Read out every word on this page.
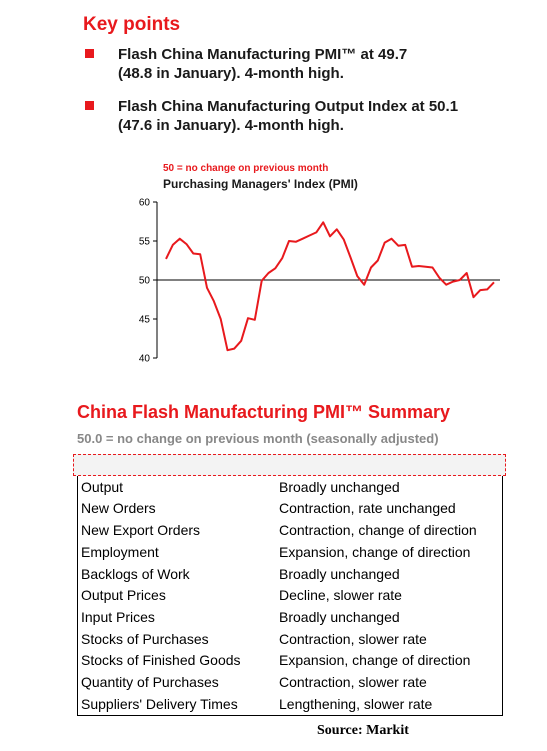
Key points
Flash China Manufacturing PMI™ at 49.7
(48.8 in January). 4-month high.
Flash China Manufacturing Output Index at 50.1
(47.6 in January). 4-month high.
50 = no change on previous month
Purchasing Managers' Index (PMI)
60
55
50
45
40
China Flash Manufacturing PMI™ Summary
50.0 = no change on previous month (seasonally adjusted)
Output	Broadly unchanged
New Orders	Contraction, rate unchanged
New Export Orders	Contraction, change of direction
Employment	Expansion, change of direction
Backlogs of Work	Broadly unchanged
Output Prices	Decline, slower rate
Input Prices	Broadly unchanged
Stocks of Purchases	Contraction, slower rate
Stocks of Finished Goods	Expansion, change of direction
Quantity of Purchases	Contraction, slower rate
Suppliers' Delivery Times	Lengthening, slower rate
Source: Markit
